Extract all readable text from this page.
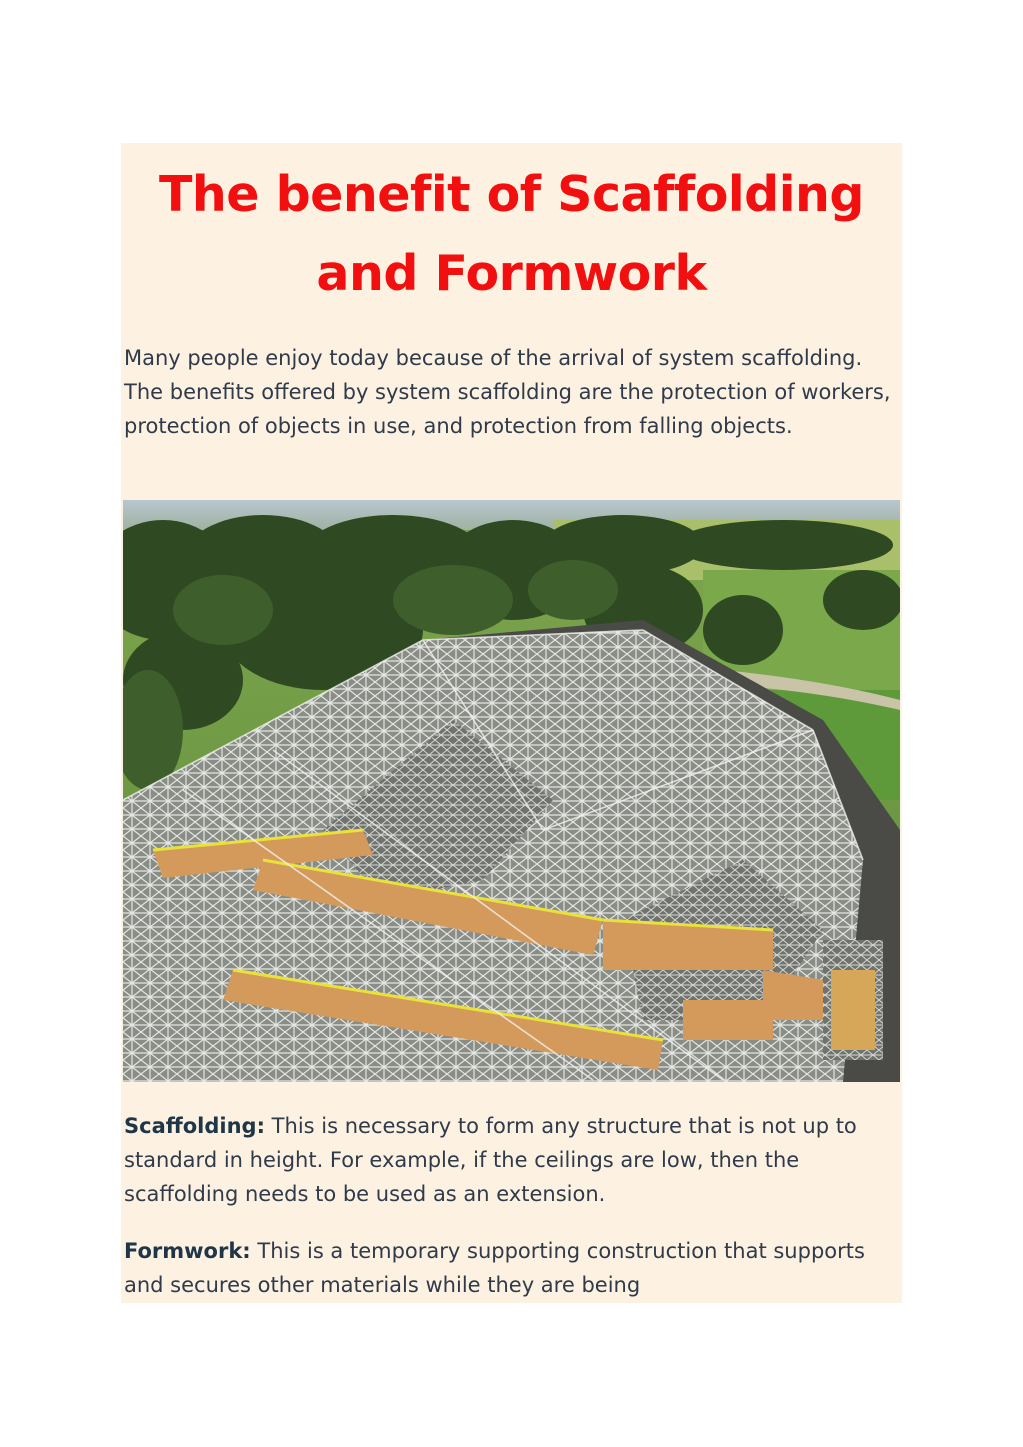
The benefit of Scaffolding and Formwork

Many people enjoy today because of the arrival of system scaffolding. The benefits offered by system scaffolding are the protection of workers, protection of objects in use, and protection from falling objects.

Scaffolding: This is necessary to form any structure that is not up to standard in height. For example, if the ceilings are low, then the scaffolding needs to be used as an extension.

Formwork: This is a temporary supporting construction that supports and secures other materials while they are being
